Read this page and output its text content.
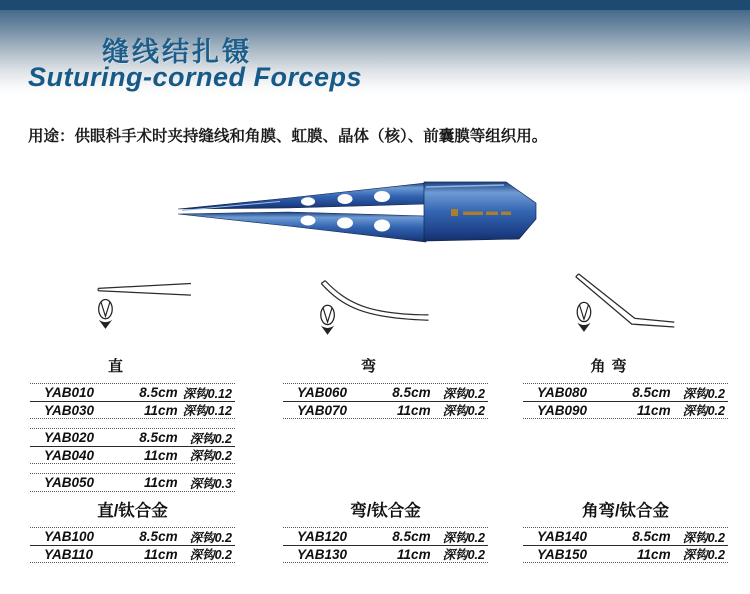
缝线结扎镊
Suturing-corned Forceps
用途：供眼科手术时夹持缝线和角膜、虹膜、晶体（核）、前囊膜等组织用。
直
YAB010	8.5cm 深钩0.12
YAB030	11cm 深钩0.12
YAB020	8.5cm 深钩0.2
YAB040	11cm 深钩0.2
YAB050	11cm 深钩0.3
弯
YAB060	8.5cm 深钩0.2
YAB070	11cm 深钩0.2
角弯
YAB080	8.5cm 深钩0.2
YAB090	11cm 深钩0.2
直/钛合金
YAB100	8.5cm 深钩0.2
YAB110	11cm 深钩0.2
弯/钛合金
YAB120	8.5cm 深钩0.2
YAB130	11cm 深钩0.2
角弯/钛合金
YAB140	8.5cm 深钩0.2
YAB150	11cm 深钩0.2
